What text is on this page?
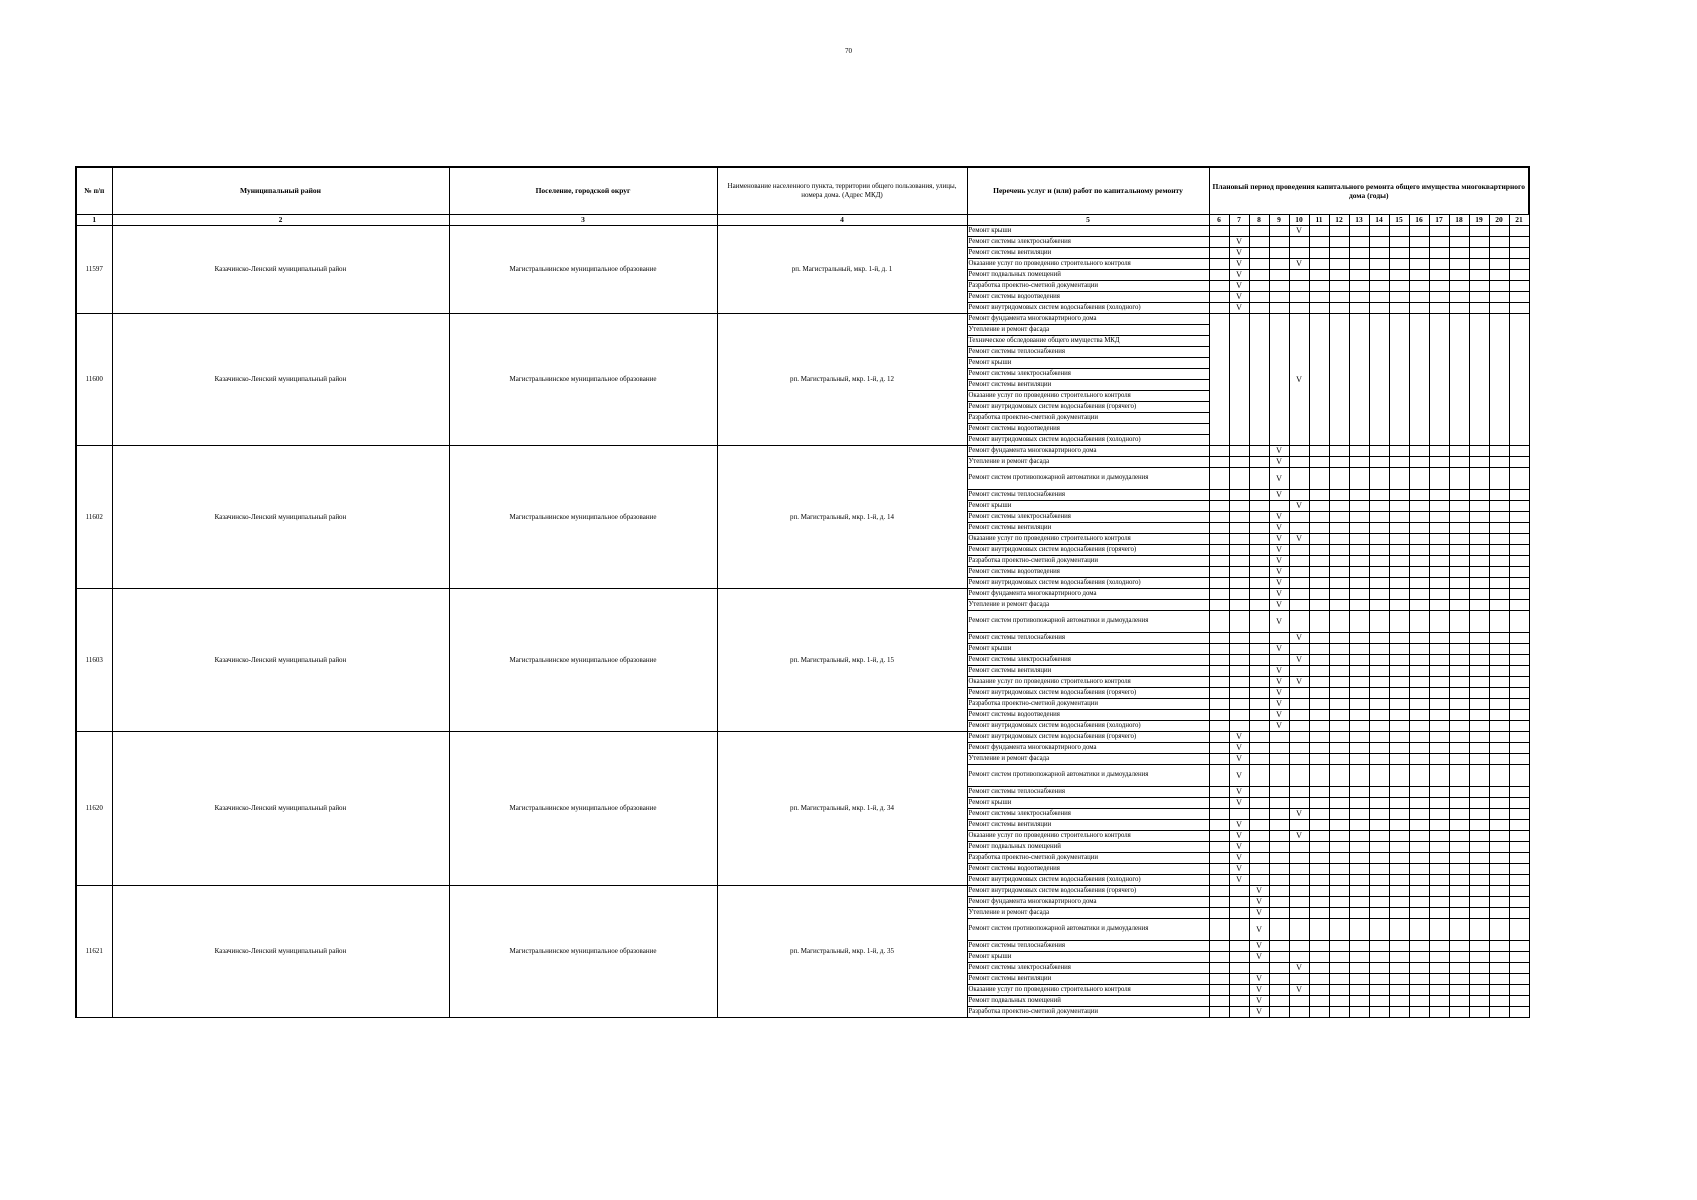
70
№ п/п	Муниципальный район	Поселение, городской округ	Наименование населенного пункта, территории общего пользования, улицы, номера дома. (Адрес МКД)	Перечень услуг и (или) работ по капитальному ремонту	Плановый период проведения капитального ремонта общего имущества многоквартирного дома (годы)															
1	2	3	4	5	6	7	8	9	10	11	12	13	14	15	16	17	18	19	20	21
11597	Казачинско-Ленский муниципальный район	Магистральнинское муниципальное образование	рп. Магистральный, мкр. 1-й, д. 1	Ремонт крыши					V											
				Ремонт системы электроснабжения		V														
				Ремонт системы вентиляции		V														
				Оказание услуг по проведению строительного контроля		V			V											
				Ремонт подвальных помещений		V														
				Разработка проектно-сметной документации		V														
				Ремонт системы водоотведения		V														
				Ремонт внутридомовых систем водоснабжения (холодного)		V														
11600	Казачинско-Ленский муниципальный район	Магистральнинское муниципальное образование	рп. Магистральный, мкр. 1-й, д. 12	Ремонт фундамента многоквартирного дома					V											
				Утепление и ремонт фасада																
				Техническое обследование общего имущества МКД																
				Ремонт системы теплоснабжения																
				Ремонт крыши																
				Ремонт системы электроснабжения																
				Ремонт системы вентиляции																
				Оказание услуг по проведению строительного контроля																
				Ремонт внутридомовых систем водоснабжения (горячего)																
				Разработка проектно-сметной документации																
				Ремонт системы водоотведения																
				Ремонт внутридомовых систем водоснабжения (холодного)																
11602	Казачинско-Ленский муниципальный район	Магистральнинское муниципальное образование	рп. Магистральный, мкр. 1-й, д. 14	Ремонт фундамента многоквартирного дома				V												
				Утепление и ремонт фасада				V												
				Ремонт систем противопожарной автоматики и дымоудаления				V												
				Ремонт системы теплоснабжения				V												
				Ремонт крыши					V											
				Ремонт системы электроснабжения				V												
				Ремонт системы вентиляции				V												
				Оказание услуг по проведению строительного контроля				V	V											
				Ремонт внутридомовых систем водоснабжения (горячего)				V												
				Разработка проектно-сметной документации				V												
				Ремонт системы водоотведения				V												
				Ремонт внутридомовых систем водоснабжения (холодного)				V												
11603	Казачинско-Ленский муниципальный район	Магистральнинское муниципальное образование	рп. Магистральный, мкр. 1-й, д. 15	Ремонт фундамента многоквартирного дома				V												
				Утепление и ремонт фасада				V												
				Ремонт систем противопожарной автоматики и дымоудаления				V												
				Ремонт системы теплоснабжения					V											
				Ремонт крыши				V												
				Ремонт системы электроснабжения					V											
				Ремонт системы вентиляции				V												
				Оказание услуг по проведению строительного контроля				V	V											
				Ремонт внутридомовых систем водоснабжения (горячего)				V												
				Разработка проектно-сметной документации				V												
				Ремонт системы водоотведения				V												
				Ремонт внутридомовых систем водоснабжения (холодного)				V												
11620	Казачинско-Ленский муниципальный район	Магистральнинское муниципальное образование	рп. Магистральный, мкр. 1-й, д. 34	Ремонт внутридомовых систем водоснабжения (горячего)		V														
				Ремонт фундамента многоквартирного дома		V														
				Утепление и ремонт фасада		V														
				Ремонт систем противопожарной автоматики и дымоудаления		V														
				Ремонт системы теплоснабжения		V														
				Ремонт крыши		V														
				Ремонт системы электроснабжения					V											
				Ремонт системы вентиляции		V														
				Оказание услуг по проведению строительного контроля		V			V											
				Ремонт подвальных помещений		V														
				Разработка проектно-сметной документации		V														
				Ремонт системы водоотведения		V														
				Ремонт внутридомовых систем водоснабжения (холодного)		V														
11621	Казачинско-Ленский муниципальный район	Магистральнинское муниципальное образование	рп. Магистральный, мкр. 1-й, д. 35	Ремонт внутридомовых систем водоснабжения (горячего)			V													
				Ремонт фундамента многоквартирного дома			V													
				Утепление и ремонт фасада			V													
				Ремонт систем противопожарной автоматики и дымоудаления			V													
				Ремонт системы теплоснабжения			V													
				Ремонт крыши			V													
				Ремонт системы электроснабжения					V											
				Ремонт системы вентиляции			V													
				Оказание услуг по проведению строительного контроля			V		V											
				Ремонт подвальных помещений			V													
				Разработка проектно-сметной документации			V													
